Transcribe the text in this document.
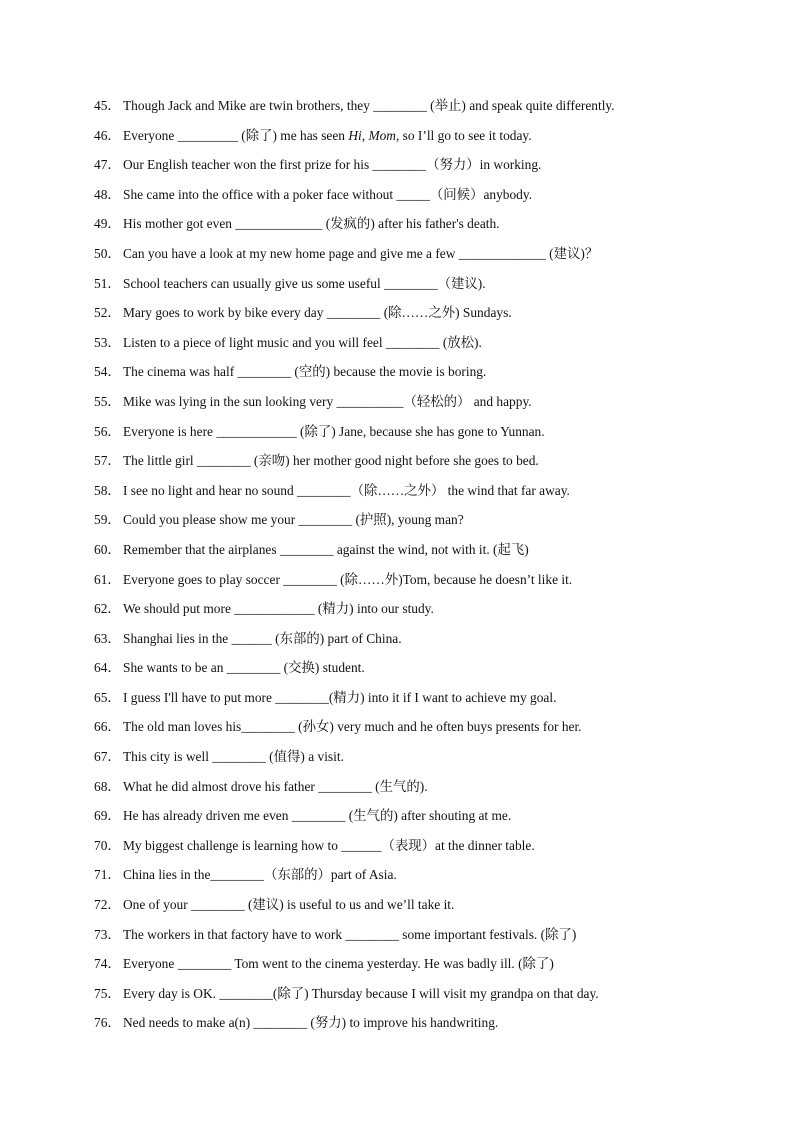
45． Though Jack and Mike are twin brothers, they ________ (举止) and speak quite differently.
46． Everyone _________ (除了) me has seen Hi, Mom, so I’ll go to see it today.
47． Our English teacher won the first prize for his ________（努力）in working.
48． She came into the office with a poker face without _____（问候）anybody.
49． His mother got even _____________ (发疯的) after his father's death.
50． Can you have a look at my new home page and give me a few _____________ (建议)？
51． School teachers can usually give us some useful ________（建议).
52． Mary goes to work by bike every day ________ (除……之外) Sundays.
53． Listen to a piece of light music and you will feel ________ (放松).
54． The cinema was half ________ (空的) because the movie is boring.
55． Mike was lying in the sun looking very __________（轻松的） and happy.
56． Everyone is here ____________ (除了) Jane, because she has gone to Yunnan.
57． The little girl ________ (亲吻) her mother good night before she goes to bed.
58． I see no light and hear no sound ________（除……之外） the wind that far away.
59． Could you please show me your ________ (护照), young man?
60． Remember that the airplanes ________ against the wind, not with it. (起飞)
61． Everyone goes to play soccer ________ (除……外)Tom, because he doesn’t like it.
62． We should put more ____________ (精力) into our study.
63． Shanghai lies in the ______ (东部的) part of China.
64． She wants to be an ________ (交换) student.
65． I guess I'll have to put more ________(精力) into it if I want to achieve my goal.
66． The old man loves his________ (孙女) very much and he often buys presents for her.
67． This city is well ________ (值得) a visit.
68． What he did almost drove his father ________ (生气的).
69． He has already driven me even ________ (生气的) after shouting at me.
70． My biggest challenge is learning how to ______（表现）at the dinner table.
71． China lies in the________（东部的）part of Asia.
72． One of your ________ (建议) is useful to us and we’ll take it.
73． The workers in that factory have to work ________ some important festivals. (除了)
74． Everyone ________ Tom went to the cinema yesterday. He was badly ill. (除了)
75． Every day is OK. ________(除了) Thursday because I will visit my grandpa on that day.
76． Ned needs to make a(n) ________ (努力) to improve his handwriting.
